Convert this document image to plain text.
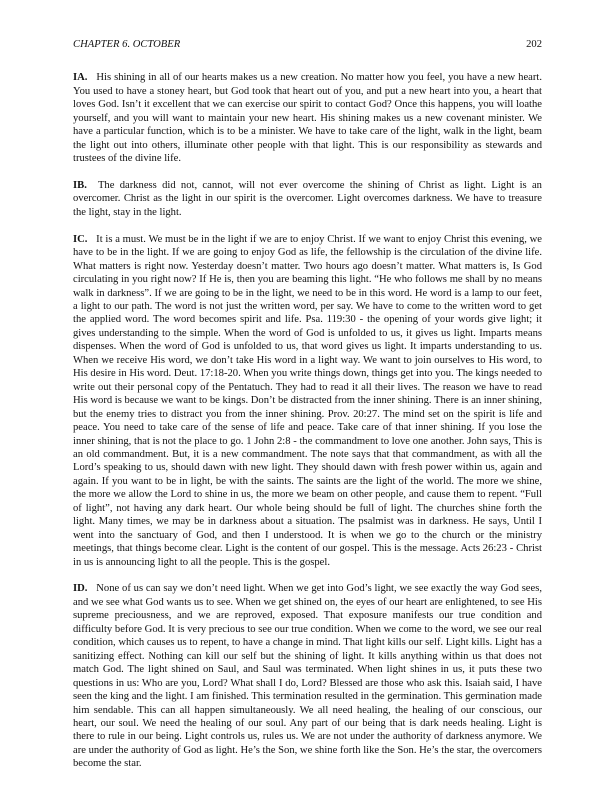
CHAPTER 6. OCTOBER	202

IA. His shining in all of our hearts makes us a new creation. No matter how you feel, you have a new heart. You used to have a stoney heart, but God took that heart out of you, and put a new heart into you, a heart that loves God. Isn’t it excellent that we can exercise our spirit to contact God? Once this happens, you will loathe yourself, and you will want to maintain your new heart. His shining makes us a new covenant minister. We have a particular function, which is to be a minister. We have to take care of the light, walk in the light, beam the light out into others, illuminate other people with that light. This is our responsibility as stewards and trustees of the divine life.

IB. The darkness did not, cannot, will not ever overcome the shining of Christ as light. Light is an overcomer. Christ as the light in our spirit is the overcomer. Light overcomes darkness. We have to treasure the light, stay in the light.

IC. It is a must. We must be in the light if we are to enjoy Christ. If we want to enjoy Christ this evening, we have to be in the light. If we are going to enjoy God as life, the fellowship is the circulation of the divine life. What matters is right now. Yesterday doesn’t matter. Two hours ago doesn’t matter. What matters is, Is God circulating in you right now? If He is, then you are beaming this light. “He who follows me shall by no means walk in darkness”. If we are going to be in the light, we need to be in this word. He word is a lamp to our feet, a light to our path. The word is not just the written word, per say. We have to come to the written word to get the applied word. The word becomes spirit and life. Psa. 119:30 - the opening of your words give light; it gives understanding to the simple. When the word of God is unfolded to us, it gives us light. Imparts means dispenses. When the word of God is unfolded to us, that word gives us light. It imparts understanding to us. When we receive His word, we don’t take His word in a light way. We want to join ourselves to His word, to His desire in His word. Deut. 17:18-20. When you write things down, things get into you. The kings needed to write out their personal copy of the Pentatuch. They had to read it all their lives. The reason we have to read His word is because we want to be kings. Don’t be distracted from the inner shining. There is an inner shining, but the enemy tries to distract you from the inner shining. Prov. 20:27. The mind set on the spirit is life and peace. You need to take care of the sense of life and peace. Take care of that inner shining. If you lose the inner shining, that is not the place to go. 1 John 2:8 - the commandment to love one another. John says, This is an old commandment. But, it is a new commandment. The note says that that commandment, as with all the Lord’s speaking to us, should dawn with new light. They should dawn with fresh power within us, again and again. If you want to be in light, be with the saints. The saints are the light of the world. The more we shine, the more we allow the Lord to shine in us, the more we beam on other people, and cause them to repent. “Full of light”, not having any dark heart. Our whole being should be full of light. The churches shine forth the light. Many times, we may be in darkness about a situation. The psalmist was in darkness. He says, Until I went into the sanctuary of God, and then I understood. It is when we go to the church or the ministry meetings, that things become clear. Light is the content of our gospel. This is the message. Acts 26:23 - Christ in us is announcing light to all the people. This is the gospel.

ID. None of us can say we don’t need light. When we get into God’s light, we see exactly the way God sees, and we see what God wants us to see. When we get shined on, the eyes of our heart are enlightened, to see His supreme preciousness, and we are reproved, exposed. That exposure manifests our true condition and difficulty before God. It is very precious to see our true condition. When we come to the word, we see our real condition, which causes us to repent, to have a change in mind. That light kills our self. Light kills. Light has a sanitizing effect. Nothing can kill our self but the shining of light. It kills anything within us that does not match God. The light shined on Saul, and Saul was terminated. When light shines in us, it puts these two questions in us: Who are you, Lord? What shall I do, Lord? Blessed are those who ask this. Isaiah said, I have seen the king and the light. I am finished. This termination resulted in the germination. This germination made him sendable. This can all happen simultaneously. We all need healing, the healing of our conscious, our heart, our soul. We need the healing of our soul. Any part of our being that is dark needs healing. Light is there to rule in our being. Light controls us, rules us. We are not under the authority of darkness anymore. We are under the authority of God as light. He’s the Son, we shine forth like the Son. He’s the star, the overcomers become the star.
